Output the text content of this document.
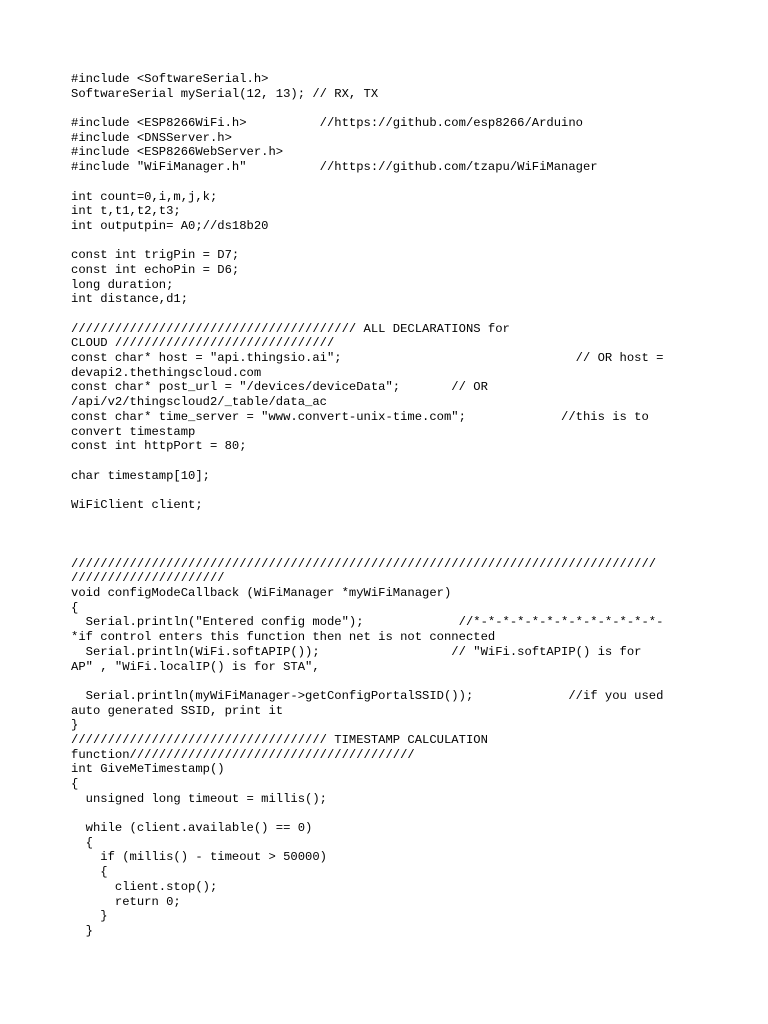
#include <SoftwareSerial.h>
SoftwareSerial mySerial(12, 13); // RX, TX
#include <ESP8266WiFi.h>          //https://github.com/esp8266/Arduino
#include <DNSServer.h>
#include <ESP8266WebServer.h>
#include "WiFiManager.h"          //https://github.com/tzapu/WiFiManager
int count=0,i,m,j,k;
int t,t1,t2,t3;
int outputpin= A0;//ds18b20
const int trigPin = D7;
const int echoPin = D6;
long duration;
int distance,d1;
/////////////////////////////////////// ALL DECLARATIONS for
CLOUD //////////////////////////////
const char* host = "api.thingsio.ai";                                // OR host =
devapi2.thethingscloud.com
const char* post_url = "/devices/deviceData";       // OR
/api/v2/thingscloud2/_table/data_ac
const char* time_server = "www.convert-unix-time.com";             //this is to
convert timestamp
const int httpPort = 80;
char timestamp[10];
WiFiClient client;
////////////////////////////////////////////////////////////////////////////////
/////////////////////
void configModeCallback (WiFiManager *myWiFiManager)
{
Serial.println("Entered config mode");             //*-*-*-*-*-*-*-*-*-*-*-*-*-
*if control enters this function then net is not connected
Serial.println(WiFi.softAPIP());                  // "WiFi.softAPIP() is for
AP" , "WiFi.localIP() is for STA",
Serial.println(myWiFiManager->getConfigPortalSSID());             //if you used
auto generated SSID, print it
}
/////////////////////////////////// TIMESTAMP CALCULATION
function///////////////////////////////////////
int GiveMeTimestamp()
{
unsigned long timeout = millis();
while (client.available() == 0)
{
if (millis() - timeout > 50000)
{
client.stop();
return 0;
}
}
